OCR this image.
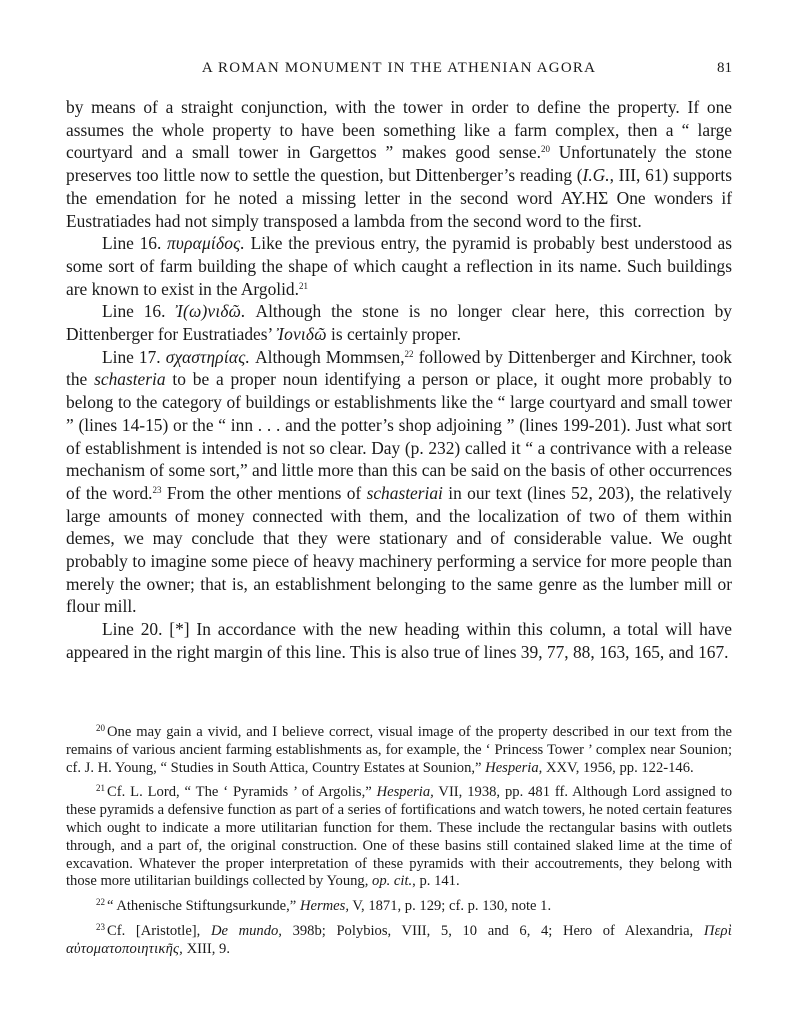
A ROMAN MONUMENT IN THE ATHENIAN AGORA	81

by means of a straight conjunction, with the tower in order to define the property. If one assumes the whole property to have been something like a farm complex, then a “ large courtyard and a small tower in Gargettos ” makes good sense.$^{20}$ Unfortunately the stone preserves too little now to settle the question, but Dittenberger’s reading (I.G., III, 61) supports the emendation for he noted a missing letter in the second word ΑΥ.ΗΣ One wonders if Eustratiades had not simply transposed a lambda from the second word to the first.

Line 16. πυραμίδος. Like the previous entry, the pyramid is probably best understood as some sort of farm building the shape of which caught a reflection in its name. Such buildings are known to exist in the Argolid.$^{21}$

Line 16. Ἰ(ω)νιδῶ. Although the stone is no longer clear here, this correction by Dittenberger for Eustratiades’ Ἰονιδῶ is certainly proper.

Line 17. σχαστηρίας. Although Mommsen,$^{22}$ followed by Dittenberger and Kirchner, took the schasteria to be a proper noun identifying a person or place, it ought more probably to belong to the category of buildings or establishments like the “ large courtyard and small tower ” (lines 14-15) or the “ inn . . . and the potter’s shop adjoining ” (lines 199-201). Just what sort of establishment is intended is not so clear. Day (p. 232) called it “ a contrivance with a release mechanism of some sort,” and little more than this can be said on the basis of other occurrences of the word.$^{23}$ From the other mentions of schasteriai in our text (lines 52, 203), the relatively large amounts of money connected with them, and the localization of two of them within demes, we may conclude that they were stationary and of considerable value. We ought probably to imagine some piece of heavy machinery performing a service for more people than merely the owner; that is, an establishment belonging to the same genre as the lumber mill or flour mill.

Line 20. [*] In accordance with the new heading within this column, a total will have appeared in the right margin of this line. This is also true of lines 39, 77, 88, 163, 165, and 167.

$^{20}$ One may gain a vivid, and I believe correct, visual image of the property described in our text from the remains of various ancient farming establishments as, for example, the ‘ Princess Tower ’ complex near Sounion; cf. J. H. Young, “ Studies in South Attica, Country Estates at Sounion,” Hesperia, XXV, 1956, pp. 122-146.

$^{21}$ Cf. L. Lord, “ The ‘ Pyramids ’ of Argolis,” Hesperia, VII, 1938, pp. 481 ff. Although Lord assigned to these pyramids a defensive function as part of a series of fortifications and watch towers, he noted certain features which ought to indicate a more utilitarian function for them. These include the rectangular basins with outlets through, and a part of, the original construction. One of these basins still contained slaked lime at the time of excavation. Whatever the proper interpretation of these pyramids with their accoutrements, they belong with those more utilitarian buildings collected by Young, op. cit., p. 141.

$^{22}$ “ Athenische Stiftungsurkunde,” Hermes, V, 1871, p. 129; cf. p. 130, note 1.

$^{23}$ Cf. [Aristotle], De mundo, 398b; Polybios, VIII, 5, 10 and 6, 4; Hero of Alexandria, Περὶ αὐτοματοποιητικῆς, XIII, 9.
